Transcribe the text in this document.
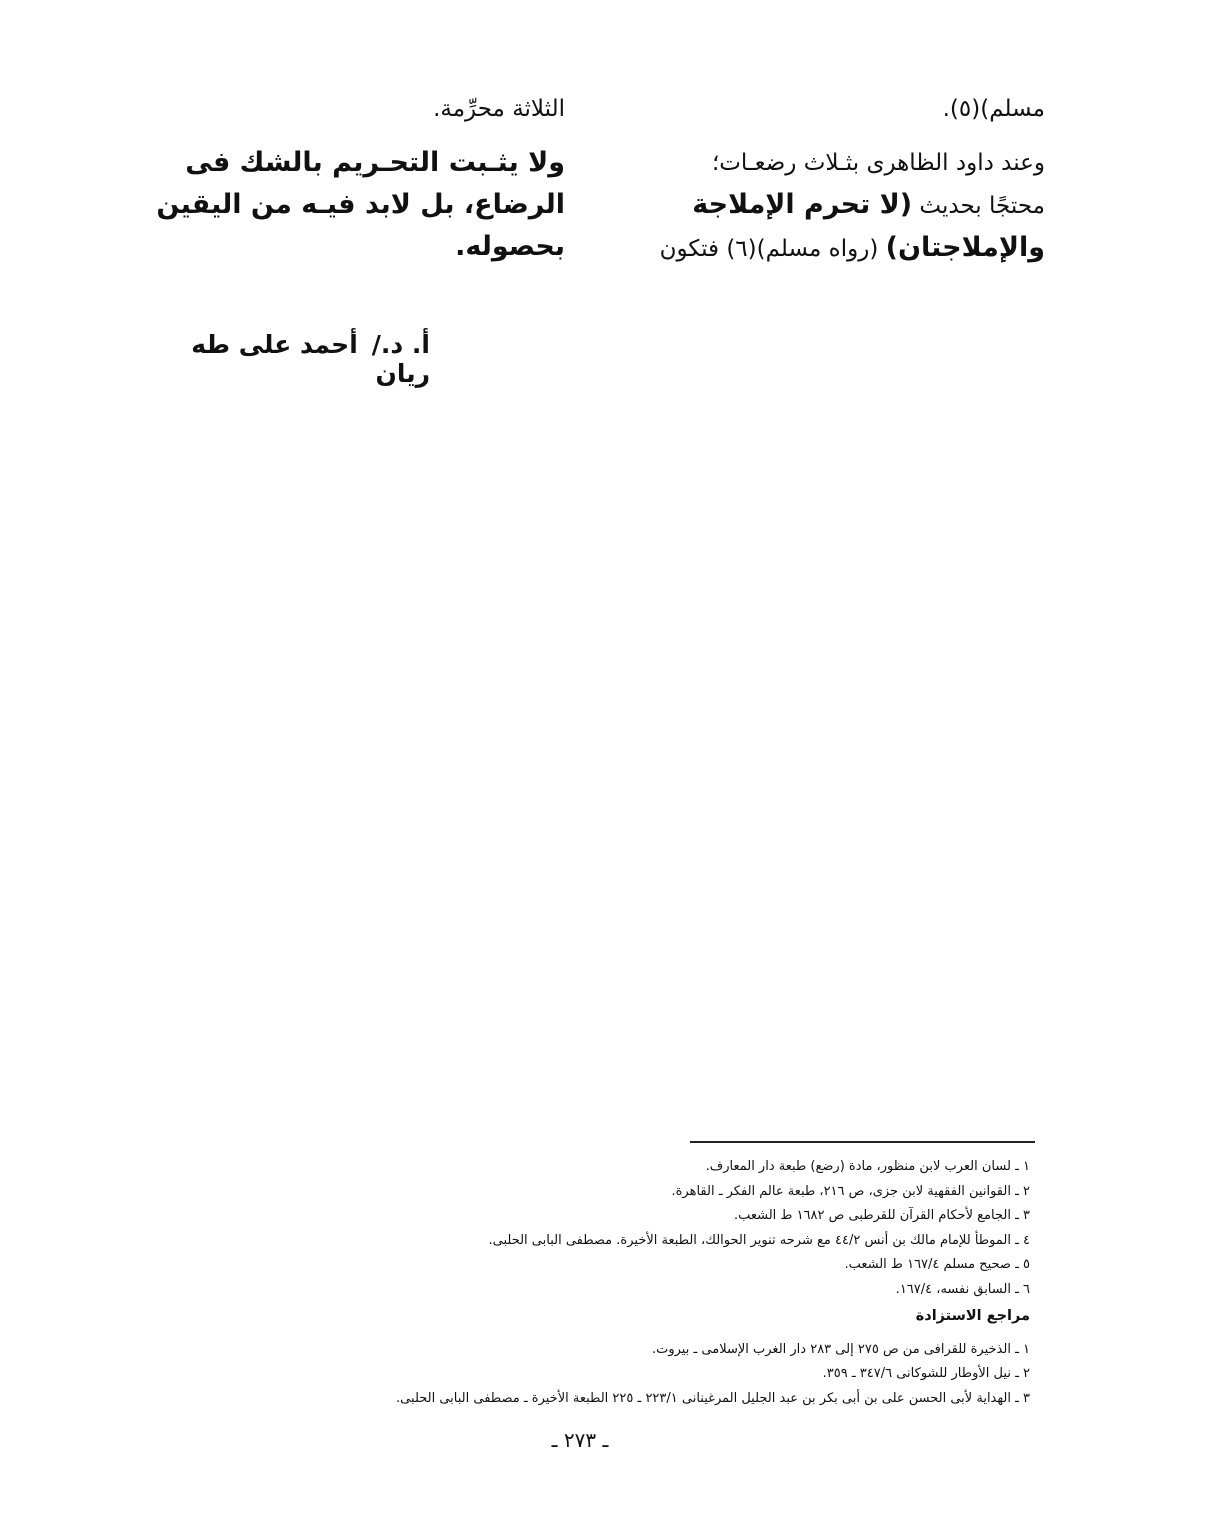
مسلم)(٥).
وعند داود الظاهرى بثـلاث رضعـات؛
محتجًا بحديث (لا تحرم الإملاجة
والإملاجتان) (رواه مسلم)(٦) فتكون
الثلاثة محرِّمة.
ولا يثـبت التحـريم بالشك فى
الرضاع، بل لابد فيـه من اليقين
بحصوله.
أ. د./أحمد على طه ريان
١ ـ لسان العرب لابن منظور، مادة (رضع) طبعة دار المعارف.
٢ ـ القوانين الفقهية لابن جزى، ص ٢١٦، طبعة عالم الفكر ـ القاهرة.
٣ ـ الجامع لأحكام القرآن للقرطبى ص ١٦٨٢ ط الشعب.
٤ ـ الموطأ للإمام مالك بن أنس ٤٤/٢ مع شرحه تنوير الحوالك، الطبعة الأخيرة. مصطفى البابى الحلبى.
٥ ـ صحيح مسلم ١٦٧/٤ ط الشعب.
٦ ـ السابق نفسه، ١٦٧/٤.
مراجع الاستزادة
١ ـ الذخيرة للقرافى من ص ٢٧٥ إلى ٢٨٣ دار الغرب الإسلامى ـ بيروت.
٢ ـ نيل الأوطار للشوكانى ٣٤٧/٦ ـ ٣٥٩.
٣ ـ الهداية لأبى الحسن على بن أبى بكر بن عبد الجليل المرغينانى ٢٢٣/١ ـ ٢٢٥ الطبعة الأخيرة ـ مصطفى البابى الحلبى.
ـ ٢٧٣ ـ
